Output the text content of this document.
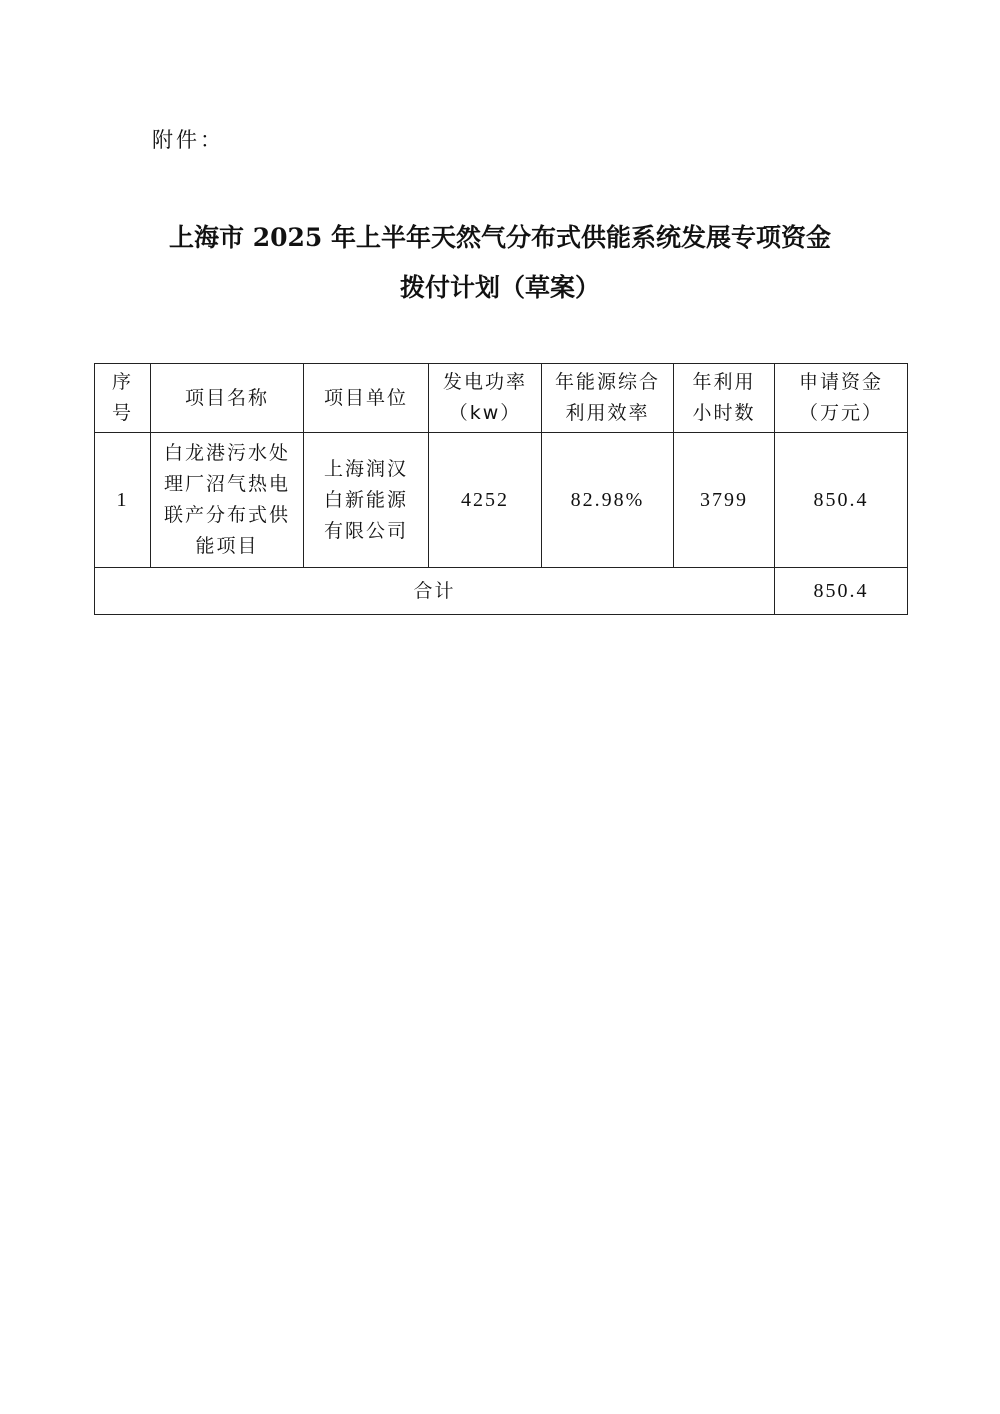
附件：
上海市 2025 年上半年天然气分布式供能系统发展专项资金
拨付计划（草案）
序号	项目名称	项目单位	发电功率（kw）	年能源综合利用效率	年利用小时数	申请资金（万元）
1	白龙港污水处理厂沼气热电联产分布式供能项目	上海润汉白新能源有限公司	4252	82.98%	3799	850.4
合计						850.4
